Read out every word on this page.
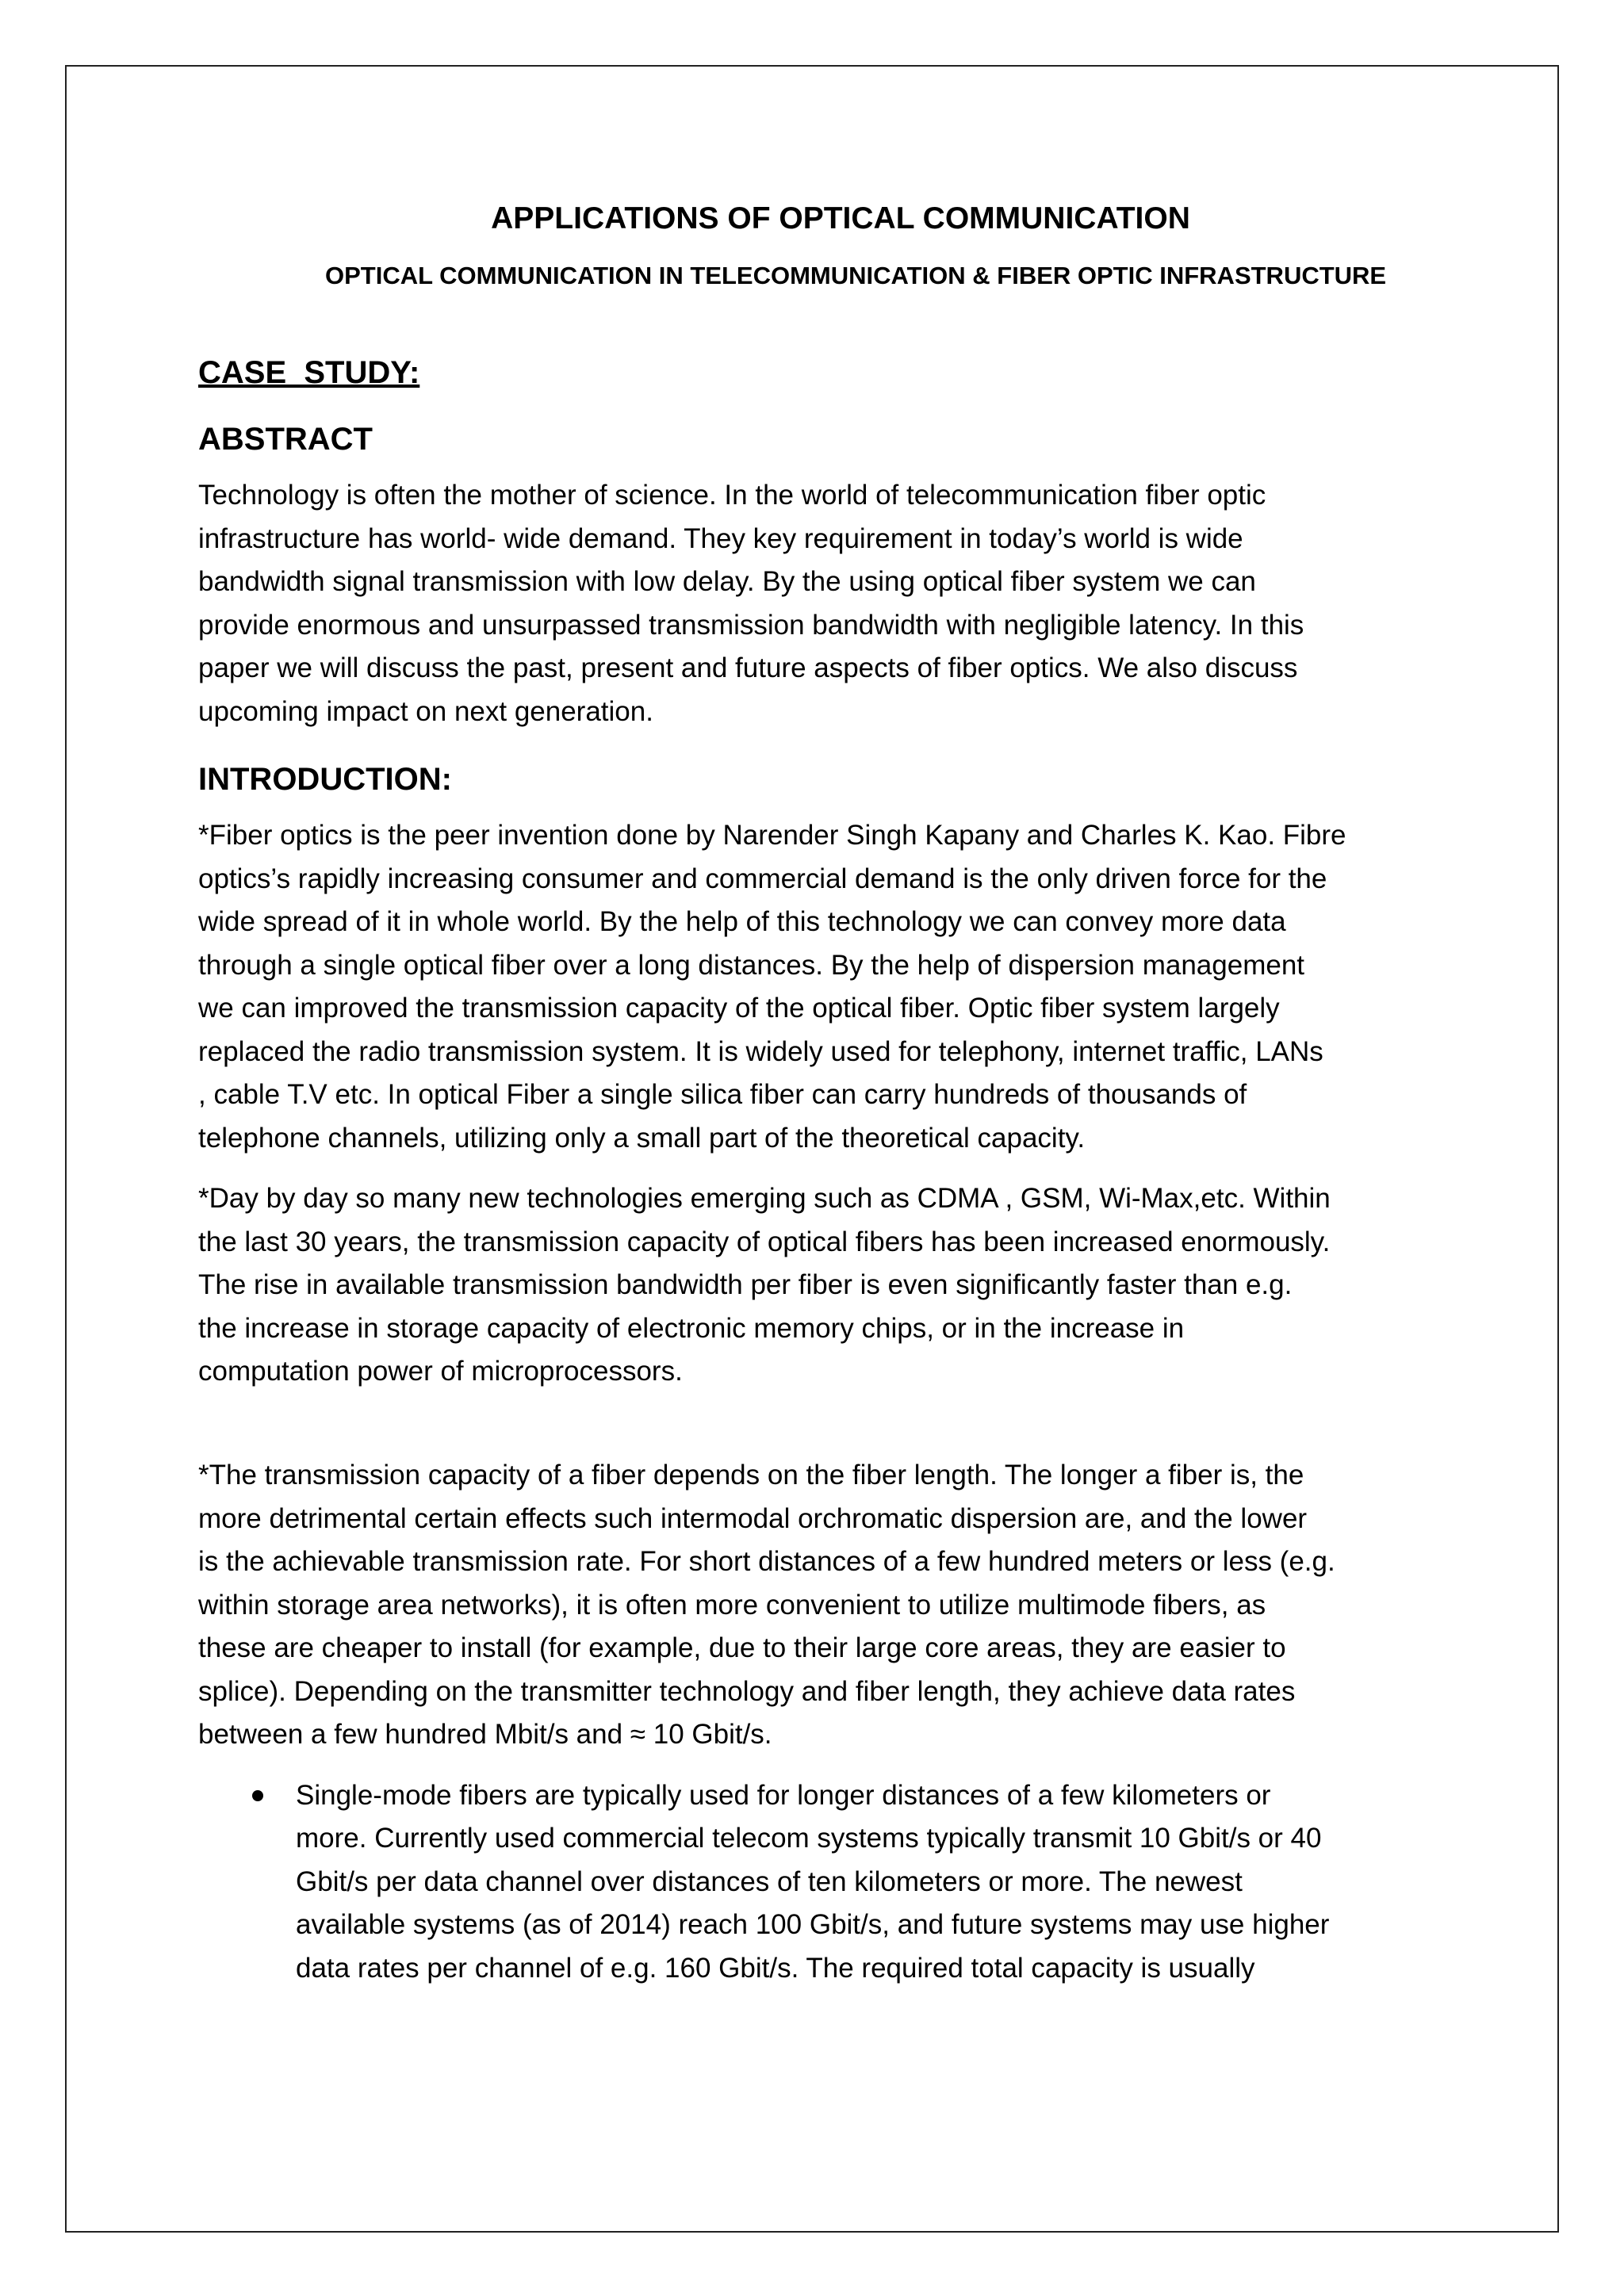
APPLICATIONS OF OPTICAL COMMUNICATION
OPTICAL COMMUNICATION IN TELECOMMUNICATION & FIBER OPTIC INFRASTRUCTURE
CASE  STUDY:
ABSTRACT

Technology is often the mother of science. In the world of telecommunication fiber optic
infrastructure has world- wide demand. They key requirement in today’s world is wide
bandwidth signal transmission with low delay. By the using optical fiber system we can
provide enormous and unsurpassed transmission bandwidth with negligible latency. In this
paper we will discuss the past, present and future aspects of fiber optics. We also discuss
upcoming impact on next generation.

INTRODUCTION:

*Fiber optics is the peer invention done by Narender Singh Kapany and Charles K. Kao. Fibre
optics’s rapidly increasing consumer and commercial demand is the only driven force for the
wide spread of it in whole world. By the help of this technology we can convey more data
through a single optical fiber over a long distances. By the help of dispersion management
we can improved the transmission capacity of the optical fiber. Optic fiber system largely
replaced the radio transmission system. It is widely used for telephony, internet traffic, LANs
, cable T.V etc. In optical Fiber a single silica fiber can carry hundreds of thousands of
telephone channels, utilizing only a small part of the theoretical capacity.

*Day by day so many new technologies emerging such as CDMA , GSM, Wi-Max,etc. Within
the last 30 years, the transmission capacity of optical fibers has been increased enormously.
The rise in available transmission bandwidth per fiber is even significantly faster than e.g.
the increase in storage capacity of electronic memory chips, or in the increase in
computation power of microprocessors.

*The transmission capacity of a fiber depends on the fiber length. The longer a fiber is, the
more detrimental certain effects such intermodal orchromatic dispersion are, and the lower
is the achievable transmission rate. For short distances of a few hundred meters or less (e.g.
within storage area networks), it is often more convenient to utilize multimode fibers, as
these are cheaper to install (for example, due to their large core areas, they are easier to
splice). Depending on the transmitter technology and fiber length, they achieve data rates
between a few hundred Mbit/s and ≈ 10 Gbit/s.

Single-mode fibers are typically used for longer distances of a few kilometers or
more. Currently used commercial telecom systems typically transmit 10 Gbit/s or 40
Gbit/s per data channel over distances of ten kilometers or more. The newest
available systems (as of 2014) reach 100 Gbit/s, and future systems may use higher
data rates per channel of e.g. 160 Gbit/s. The required total capacity is usually
